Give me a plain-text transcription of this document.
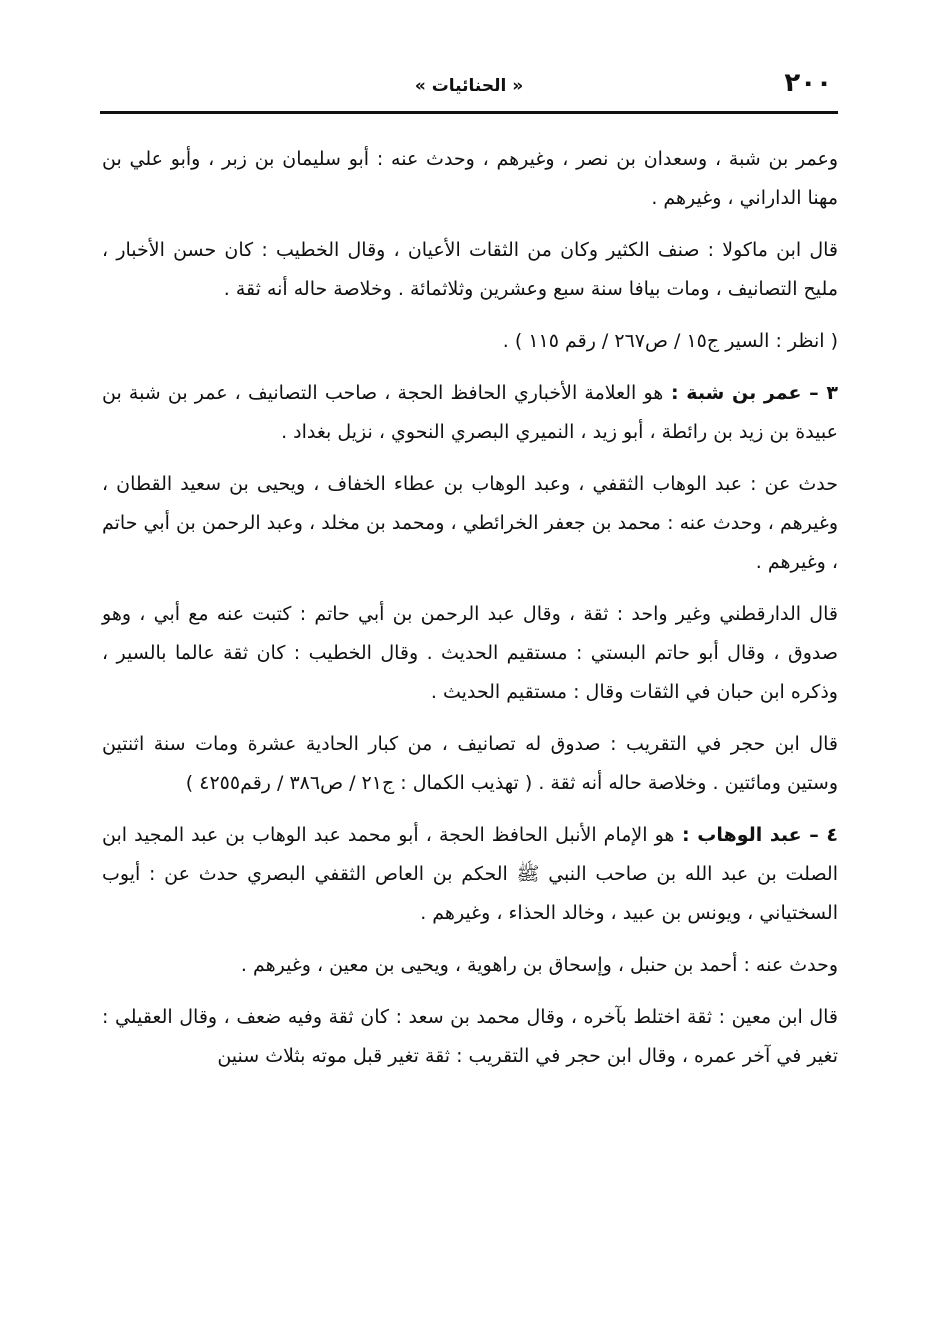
٢٠٠
« الحنائيات »

وعمر بن شبة ، وسعدان بن نصر ، وغيرهم ، وحدث عنه : أبو سليمان بن زبر ، وأبو علي بن مهنا الداراني ، وغيرهم .

قال ابن ماكولا : صنف الكثير وكان من الثقات الأعيان ، وقال الخطيب : كان حسن الأخبار ، مليح التصانيف ، ومات بيافا سنة سبع وعشرين وثلاثمائة . وخلاصة حاله أنه ثقة .

( انظر : السير ج١٥ / ص٢٦٧ / رقم ١١٥ ) .

٣ – عمر بن شبة : هو العلامة الأخباري الحافظ الحجة ، صاحب التصانيف ، عمر بن شبة بن عبيدة بن زيد بن رائطة ، أبو زيد ، النميري البصري النحوي ، نزيل بغداد .

حدث عن : عبد الوهاب الثقفي ، وعبد الوهاب بن عطاء الخفاف ، ويحيى بن سعيد القطان ، وغيرهم ، وحدث عنه : محمد بن جعفر الخرائطي ، ومحمد بن مخلد ، وعبد الرحمن بن أبي حاتم ، وغيرهم .

قال الدارقطني وغير واحد : ثقة ، وقال عبد الرحمن بن أبي حاتم : كتبت عنه مع أبي ، وهو صدوق ، وقال أبو حاتم البستي : مستقيم الحديث . وقال الخطيب : كان ثقة عالما بالسير ، وذكره ابن حبان في الثقات وقال : مستقيم الحديث .

قال ابن حجر في التقريب : صدوق له تصانيف ، من كبار الحادية عشرة ومات سنة اثنتين وستين ومائتين . وخلاصة حاله أنه ثقة . ( تهذيب الكمال : ج٢١ / ص٣٨٦ / رقم٤٢٥٥ )

٤ – عبد الوهاب : هو الإمام الأنبل الحافظ الحجة ، أبو محمد عبد الوهاب بن عبد المجيد ابن الصلت بن عبد الله بن صاحب النبي ﷺ الحكم بن العاص الثقفي البصري حدث عن : أيوب السختياني ، ويونس بن عبيد ، وخالد الحذاء ، وغيرهم .

وحدث عنه : أحمد بن حنبل ، وإسحاق بن راهوية ، ويحيى بن معين ، وغيرهم .

قال ابن معين : ثقة اختلط بآخره ، وقال محمد بن سعد : كان ثقة وفيه ضعف ، وقال العقيلي : تغير في آخر عمره ، وقال ابن حجر في التقريب : ثقة تغير قبل موته بثلاث سنين
